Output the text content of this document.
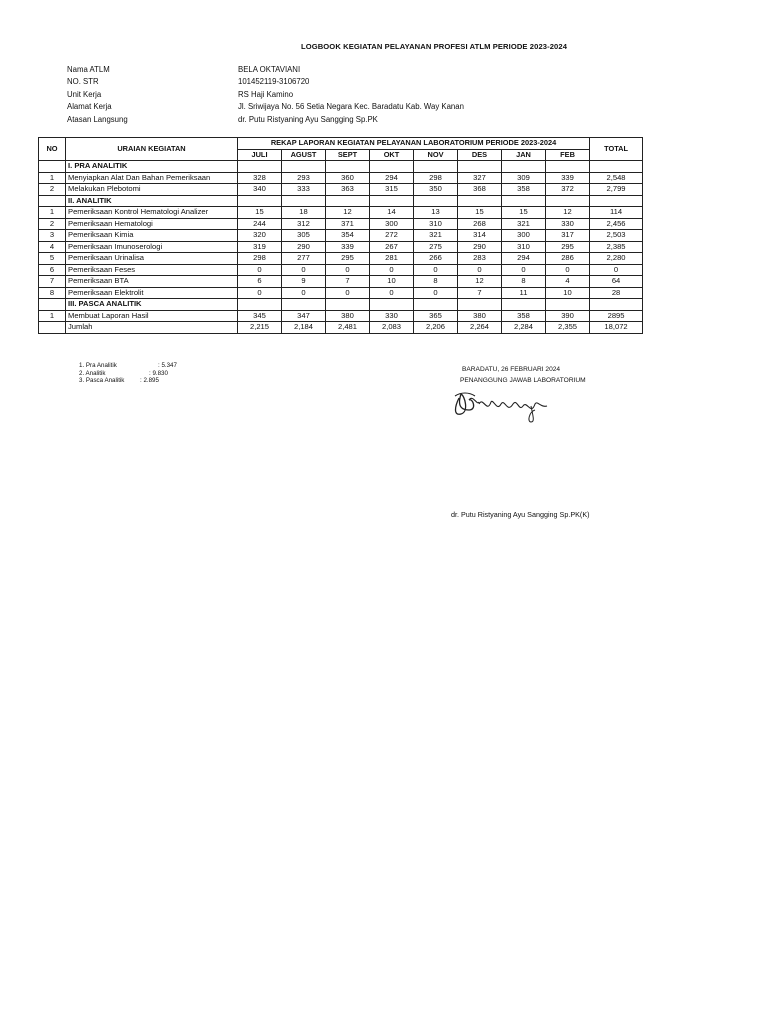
LOGBOOK KEGIATAN PELAYANAN PROFESI ATLM PERIODE 2023-2024
Nama ATLM	BELA OKTAVIANI
NO. STR	101452119-3106720
Unit Kerja	RS Haji Kamino
Alamat Kerja	Jl. Sriwijaya No. 56 Setia Negara Kec. Baradatu Kab. Way Kanan
Atasan Langsung	dr. Putu Ristyaning Ayu Sangging Sp.PK
NO	URAIAN KEGIATAN	REKAP LAPORAN KEGIATAN PELAYANAN LABORATORIUM PERIODE 2023-2024								TOTAL
		JULI	AGUST	SEPT	OKT	NOV	DES	JAN	FEB	
	I. PRA ANALITIK									
1	Menyiapkan Alat Dan Bahan Pemeriksaan	328	293	360	294	298	327	309	339	2,548
2	Melakukan Plebotomi	340	333	363	315	350	368	358	372	2,799
	II. ANALITIK									
1	Pemeriksaan Kontrol Hematologi Analizer	15	18	12	14	13	15	15	12	114
2	Pemeriksaan Hematologi	244	312	371	300	310	268	321	330	2,456
3	Pemeriksaan Kimia	320	305	354	272	321	314	300	317	2,503
4	Pemeriksaan Imunoserologi	319	290	339	267	275	290	310	295	2,385
5	Pemeriksaan Urinalisa	298	277	295	281	266	283	294	286	2,280
6	Pemeriksaan Feses	0	0	0	0	0	0	0	0	0
7	Pemeriksaan BTA	6	9	7	10	8	12	8	4	64
8	Pemeriksaan Elektrolit	0	0	0	0	0	7	11	10	28
	III. PASCA ANALITIK									
1	Membuat Laporan Hasil	345	347	380	330	365	380	358	390	2895
	Jumlah	2,215	2,184	2,481	2,083	2,206	2,264	2,284	2,355	18,072
1. Pra Analitik	: 5.347
2. Analitik	: 9.830
3. Pasca Analitik	: 2.895
BARADATU, 26 FEBRUARI 2024
PENANGGUNG JAWAB LABORATORIUM
dr. Putu Ristyaning Ayu Sangging Sp.PK(K)
